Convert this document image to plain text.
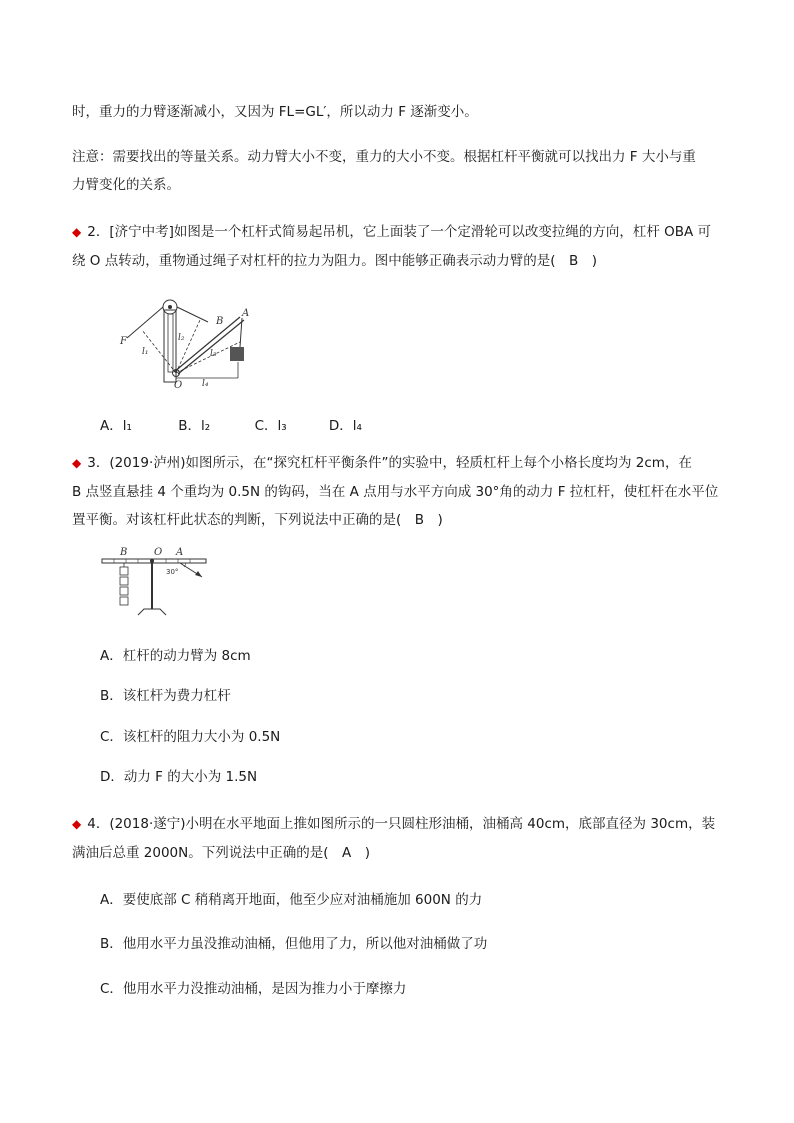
时，重力的力臂逐渐减小，又因为 FL=GL′，所以动力 F 逐渐变小。
注意：需要找出的等量关系。动力臂大小不变，重力的大小不变。根据杠杆平衡就可以找出力 F 大小与重
力臂变化的关系。
◆ 2．[济宁中考]如图是一个杠杆式简易起吊机，它上面装了一个定滑轮可以改变拉绳的方向，杠杆 OBA 可
绕 O 点转动，重物通过绳子对杠杆的拉力为阻力。图中能够正确表示动力臂的是(　B　)
F
O
A
B
l₁
l₂
l₃
l₄
A．l₁	B．l₂	C．l₃	D．l₄
◆ 3．(2019·泸州)如图所示，在“探究杠杆平衡条件”的实验中，轻质杠杆上每个小格长度均为 2cm，在
B 点竖直悬挂 4 个重均为 0.5N 的钩码，当在 A 点用与水平方向成 30°角的动力 F 拉杠杆，使杠杆在水平位
置平衡。对该杠杆此状态的判断，下列说法中正确的是(　B　)
B	O A
30°
A．杠杆的动力臂为 8cm
B．该杠杆为费力杠杆
C．该杠杆的阻力大小为 0.5N
D．动力 F 的大小为 1.5N
◆ 4．(2018·遂宁)小明在水平地面上推如图所示的一只圆柱形油桶，油桶高 40cm，底部直径为 30cm，装
满油后总重 2000N。下列说法中正确的是(　A　)
A．要使底部 C 稍稍离开地面，他至少应对油桶施加 600N 的力
B．他用水平力虽没推动油桶，但他用了力，所以他对油桶做了功
C．他用水平力没推动油桶，是因为推力小于摩擦力
